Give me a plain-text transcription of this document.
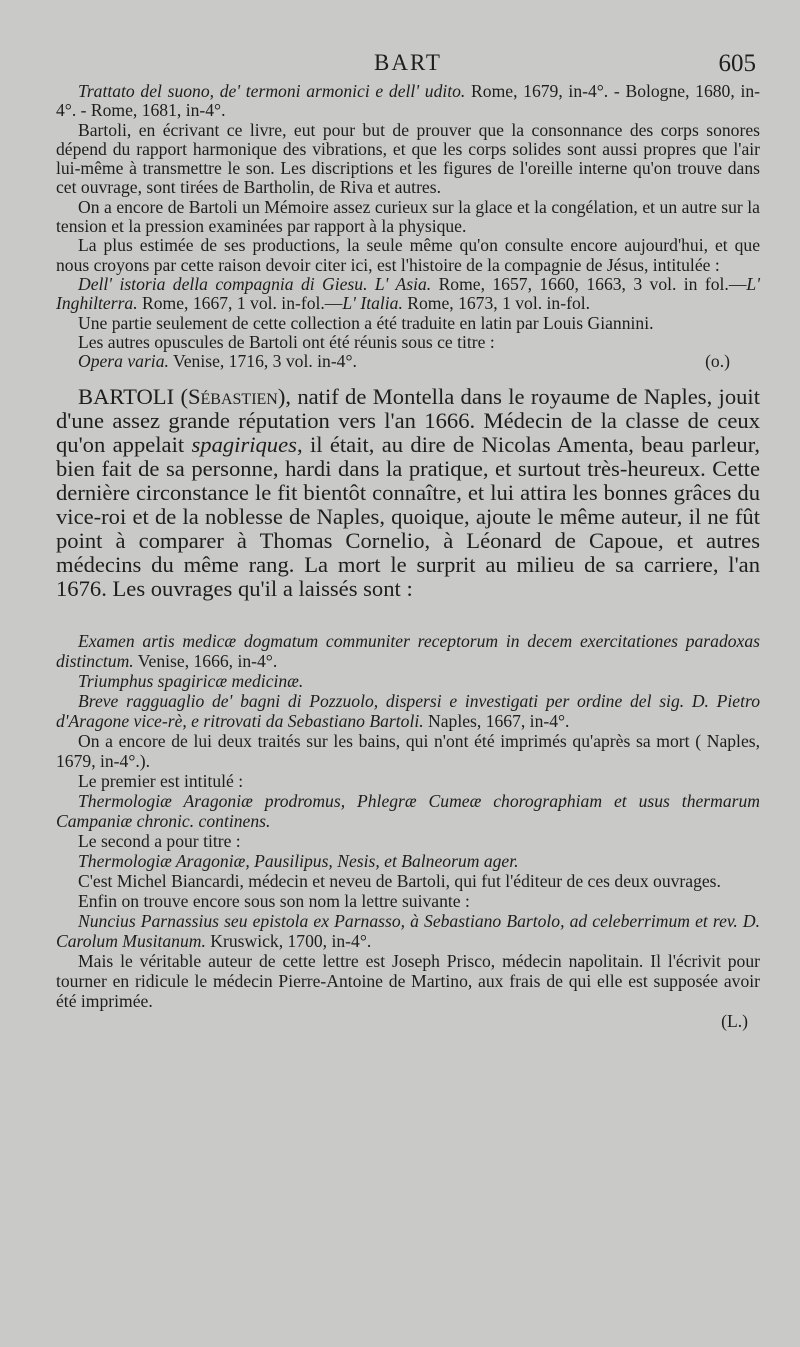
BART	605

Trattato del suono, de' termoni armonici e dell' udito. Rome, 1679, in-4°. - Bologne, 1680, in-4°. - Rome, 1681, in-4°.

Bartoli, en écrivant ce livre, eut pour but de prouver que la consonnance des corps sonores dépend du rapport harmonique des vibrations, et que les corps solides sont aussi propres que l'air lui-même à transmettre le son. Les discriptions et les figures de l'oreille interne qu'on trouve dans cet ouvrage, sont tirées de Bartholin, de Riva et autres.

On a encore de Bartoli un Mémoire assez curieux sur la glace et la congélation, et un autre sur la tension et la pression examinées par rapport à la physique.

La plus estimée de ses productions, la seule même qu'on consulte encore aujourd'hui, et que nous croyons par cette raison devoir citer ici, est l'histoire de la compagnie de Jésus, intitulée :

Dell' istoria della compagnia di Giesu. L' Asia. Rome, 1657, 1660, 1663, 3 vol. in fol.—L' Inghilterra. Rome, 1667, 1 vol. in-fol.—L' Italia. Rome, 1673, 1 vol. in-fol.

Une partie seulement de cette collection a été traduite en latin par Louis Giannini.

Les autres opuscules de Bartoli ont été réunis sous ce titre :

Opera varia. Venise, 1716, 3 vol. in-4°.	(o.)

BARTOLI (Sébastien), natif de Montella dans le royaume de Naples, jouit d'une assez grande réputation vers l'an 1666. Médecin de la classe de ceux qu'on appelait spagiriques, il était, au dire de Nicolas Amenta, beau parleur, bien fait de sa personne, hardi dans la pratique, et surtout très-heureux. Cette dernière circonstance le fit bientôt connaître, et lui attira les bonnes grâces du vice-roi et de la noblesse de Naples, quoique, ajoute le même auteur, il ne fût point à comparer à Thomas Cornelio, à Léonard de Capoue, et autres médecins du même rang. La mort le surprit au milieu de sa carriere, l'an 1676. Les ouvrages qu'il a laissés sont :

Examen artis medicæ dogmatum communiter receptorum in decem exercitationes paradoxas distinctum. Venise, 1666, in-4°.

Triumphus spagiricæ medicinæ.

Breve ragguaglio de' bagni di Pozzuolo, dispersi e investigati per ordine del sig. D. Pietro d'Aragone vice-rè, e ritrovati da Sebastiano Bartoli. Naples, 1667, in-4°.

On a encore de lui deux traités sur les bains, qui n'ont été imprimés qu'après sa mort ( Naples, 1679, in-4°.).

Le premier est intitulé :

Thermologiæ Aragoniæ prodromus, Phlegræ Cumeæ chorographiam et usus thermarum Campaniæ chronic. continens.

Le second a pour titre :

Thermologiæ Aragoniæ, Pausilipus, Nesis, et Balneorum ager.

C'est Michel Biancardi, médecin et neveu de Bartoli, qui fut l'éditeur de ces deux ouvrages.

Enfin on trouve encore sous son nom la lettre suivante :

Nuncius Parnassius seu epistola ex Parnasso, à Sebastiano Bartolo, ad celeberrimum et rev. D. Carolum Musitanum. Kruswick, 1700, in-4°.

Mais le véritable auteur de cette lettre est Joseph Prisco, médecin napolitain. Il l'écrivit pour tourner en ridicule le médecin Pierre-Antoine de Martino, aux frais de qui elle est supposée avoir été imprimée.

(L.)
